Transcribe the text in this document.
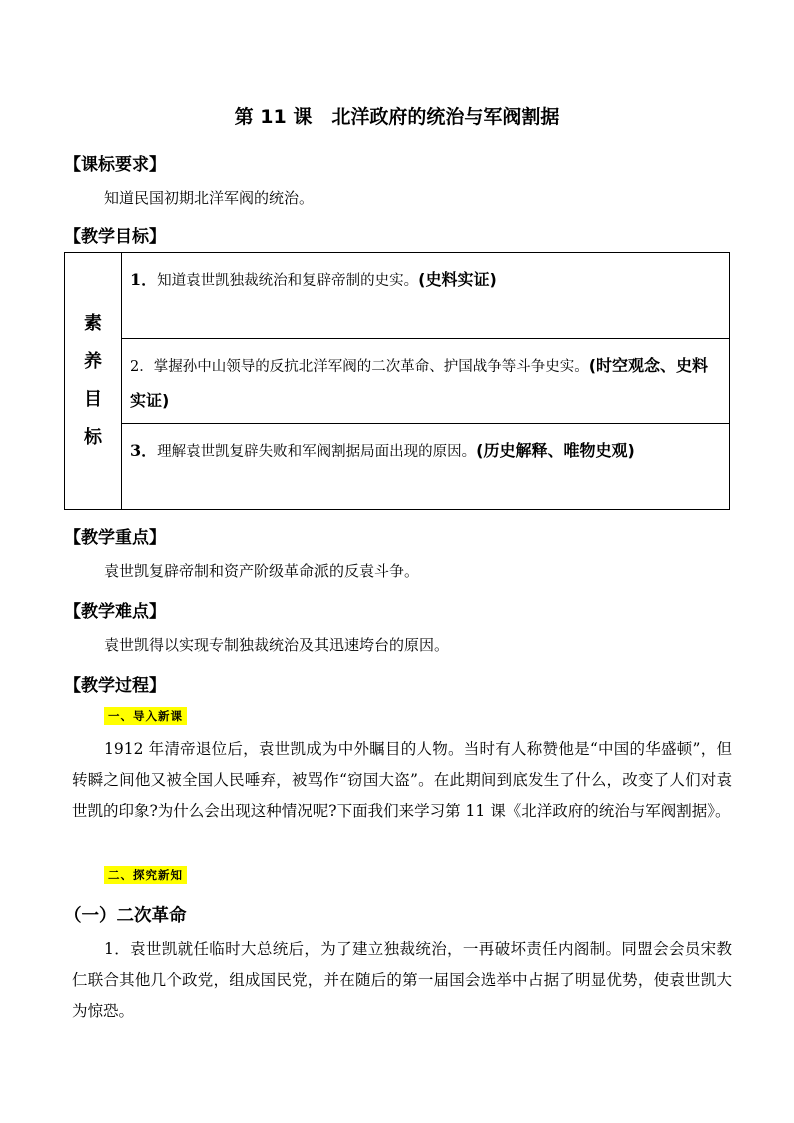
第 11 课　北洋政府的统治与军阀割据
【课标要求】
知道民国初期北洋军阀的统治。
【教学目标】
素
养
目
标
	1．知道袁世凯独裁统治和复辟帝制的史实。(史料实证)
2．掌握孙中山领导的反抗北洋军阀的二次革命、护国战争等斗争史实。(时空观念、史料实证)
3．理解袁世凯复辟失败和军阀割据局面出现的原因。(历史解释、唯物史观)
【教学重点】
袁世凯复辟帝制和资产阶级革命派的反袁斗争。
【教学难点】
袁世凯得以实现专制独裁统治及其迅速垮台的原因。
【教学过程】
一、导入新课
1912 年清帝退位后，袁世凯成为中外瞩目的人物。当时有人称赞他是“中国的华盛顿”，但转瞬之间他又被全国人民唾弃，被骂作“窃国大盗”。在此期间到底发生了什么，改变了人们对袁世凯的印象?为什么会出现这种情况呢?下面我们来学习第 11 课《北洋政府的统治与军阀割据》。
二、探究新知
（一）二次革命
1．袁世凯就任临时大总统后，为了建立独裁统治，一再破坏责任内阁制。同盟会会员宋教仁联合其他几个政党，组成国民党，并在随后的第一届国会选举中占据了明显优势，使袁世凯大为惊恐。
